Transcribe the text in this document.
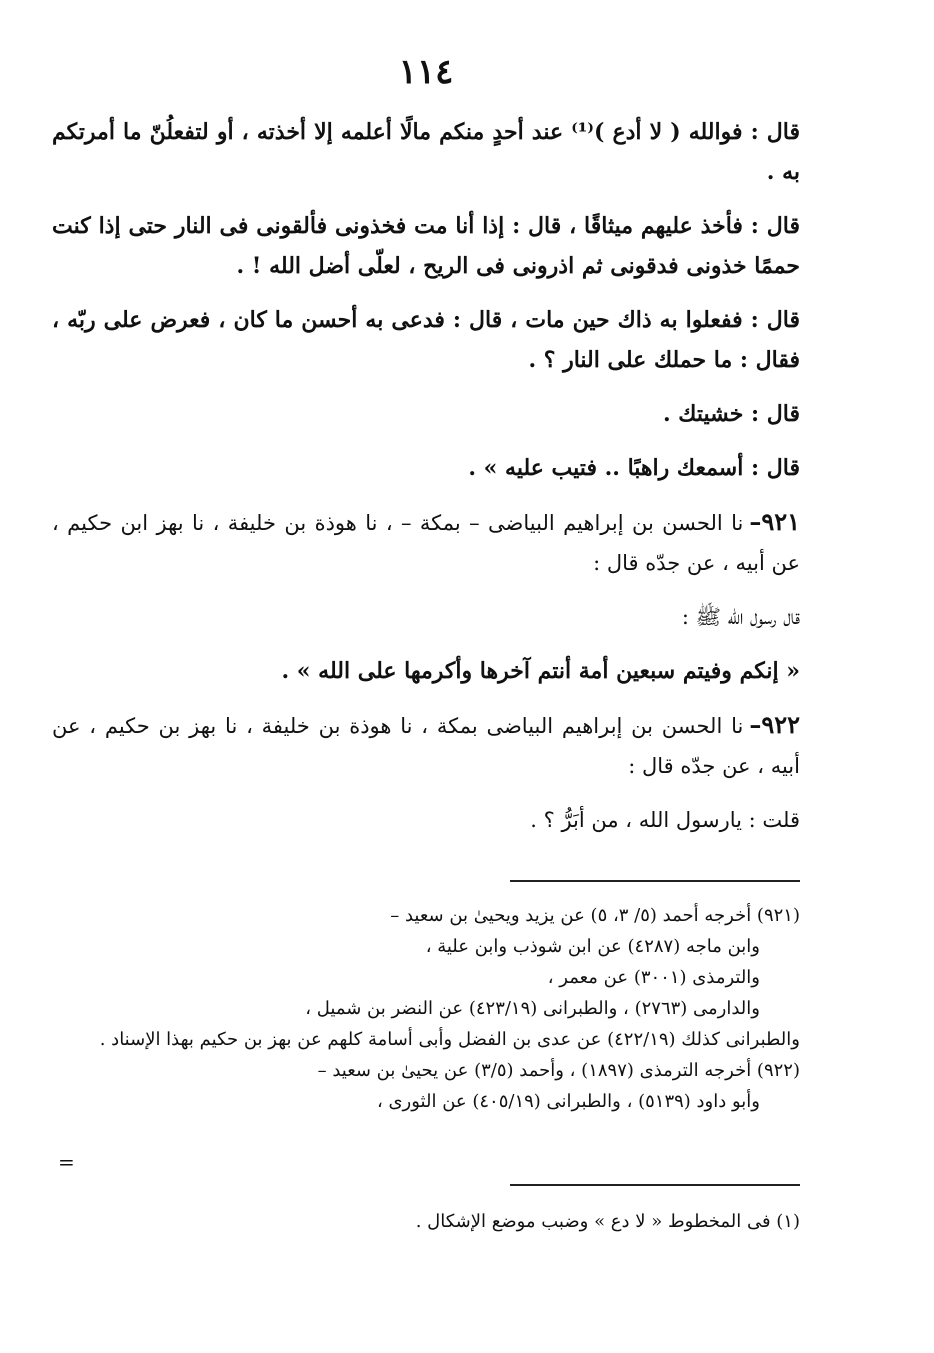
١١٤

قال : فوالله ( لا أدع )⁽¹⁾ عند أحدٍ منكم مالًا أعلمه إلا أخذته ، أو لتفعلُنّ ما أمرتكم به .

قال : فأخذ عليهم ميثاقًا ، قال : إذا أنا مت فخذونى فألقونى فى النار حتى إذا كنت حممًا خذونى فدقونى ثم اذرونى فى الريح ، لعلّى أضل الله ! .

قال : ففعلوا به ذاك حين مات ، قال : فدعى به أحسن ما كان ، فعرض على ربّه ، فقال : ما حملك على النار ؟ .

قال : خشيتك .

قال : أسمعك راهبًا .. فتيب عليه » .

٩٢١–نا الحسن بن إبراهيم البياضى – بمكة – ، نا هوذة بن خليفة ، نا بهز ابن حكيم ، عن أبيه ، عن جدّه قال :

قال رسول الله ﷺ :

« إنكم وفيتم سبعين أمة أنتم آخرها وأكرمها على الله » .

٩٢٢–نا الحسن بن إبراهيم البياضى بمكة ، نا هوذة بن خليفة ، نا بهز بن حكيم ، عن أبيه ، عن جدّه قال :

قلت : يارسول الله ، من أبَرُّ ؟ .

(٩٢١) أخرجه أحمد (٥/ ٣، ٥) عن يزيد ويحيىٰ بن سعيد –

وابن ماجه (٤٢٨٧) عن ابن شوذب وابن علية ،

والترمذى (٣٠٠١) عن معمر ،

والدارمى (٢٧٦٣) ، والطبرانى (٤٢٣/١٩) عن النضر بن شميل ،

والطبرانى كذلك (٤٢٢/١٩) عن عدى بن الفضل وأبى أسامة كلهم عن بهز بن حكيم بهذا الإسناد .

(٩٢٢) أخرجه الترمذى (١٨٩٧) ، وأحمد (٣/٥) عن يحيىٰ بن سعيد –

وأبو داود (٥١٣٩) ، والطبرانى (٤٠٥/١٩) عن الثورى ،

=
(١) فى المخطوط « لا دع » وضبب موضع الإشكال .
